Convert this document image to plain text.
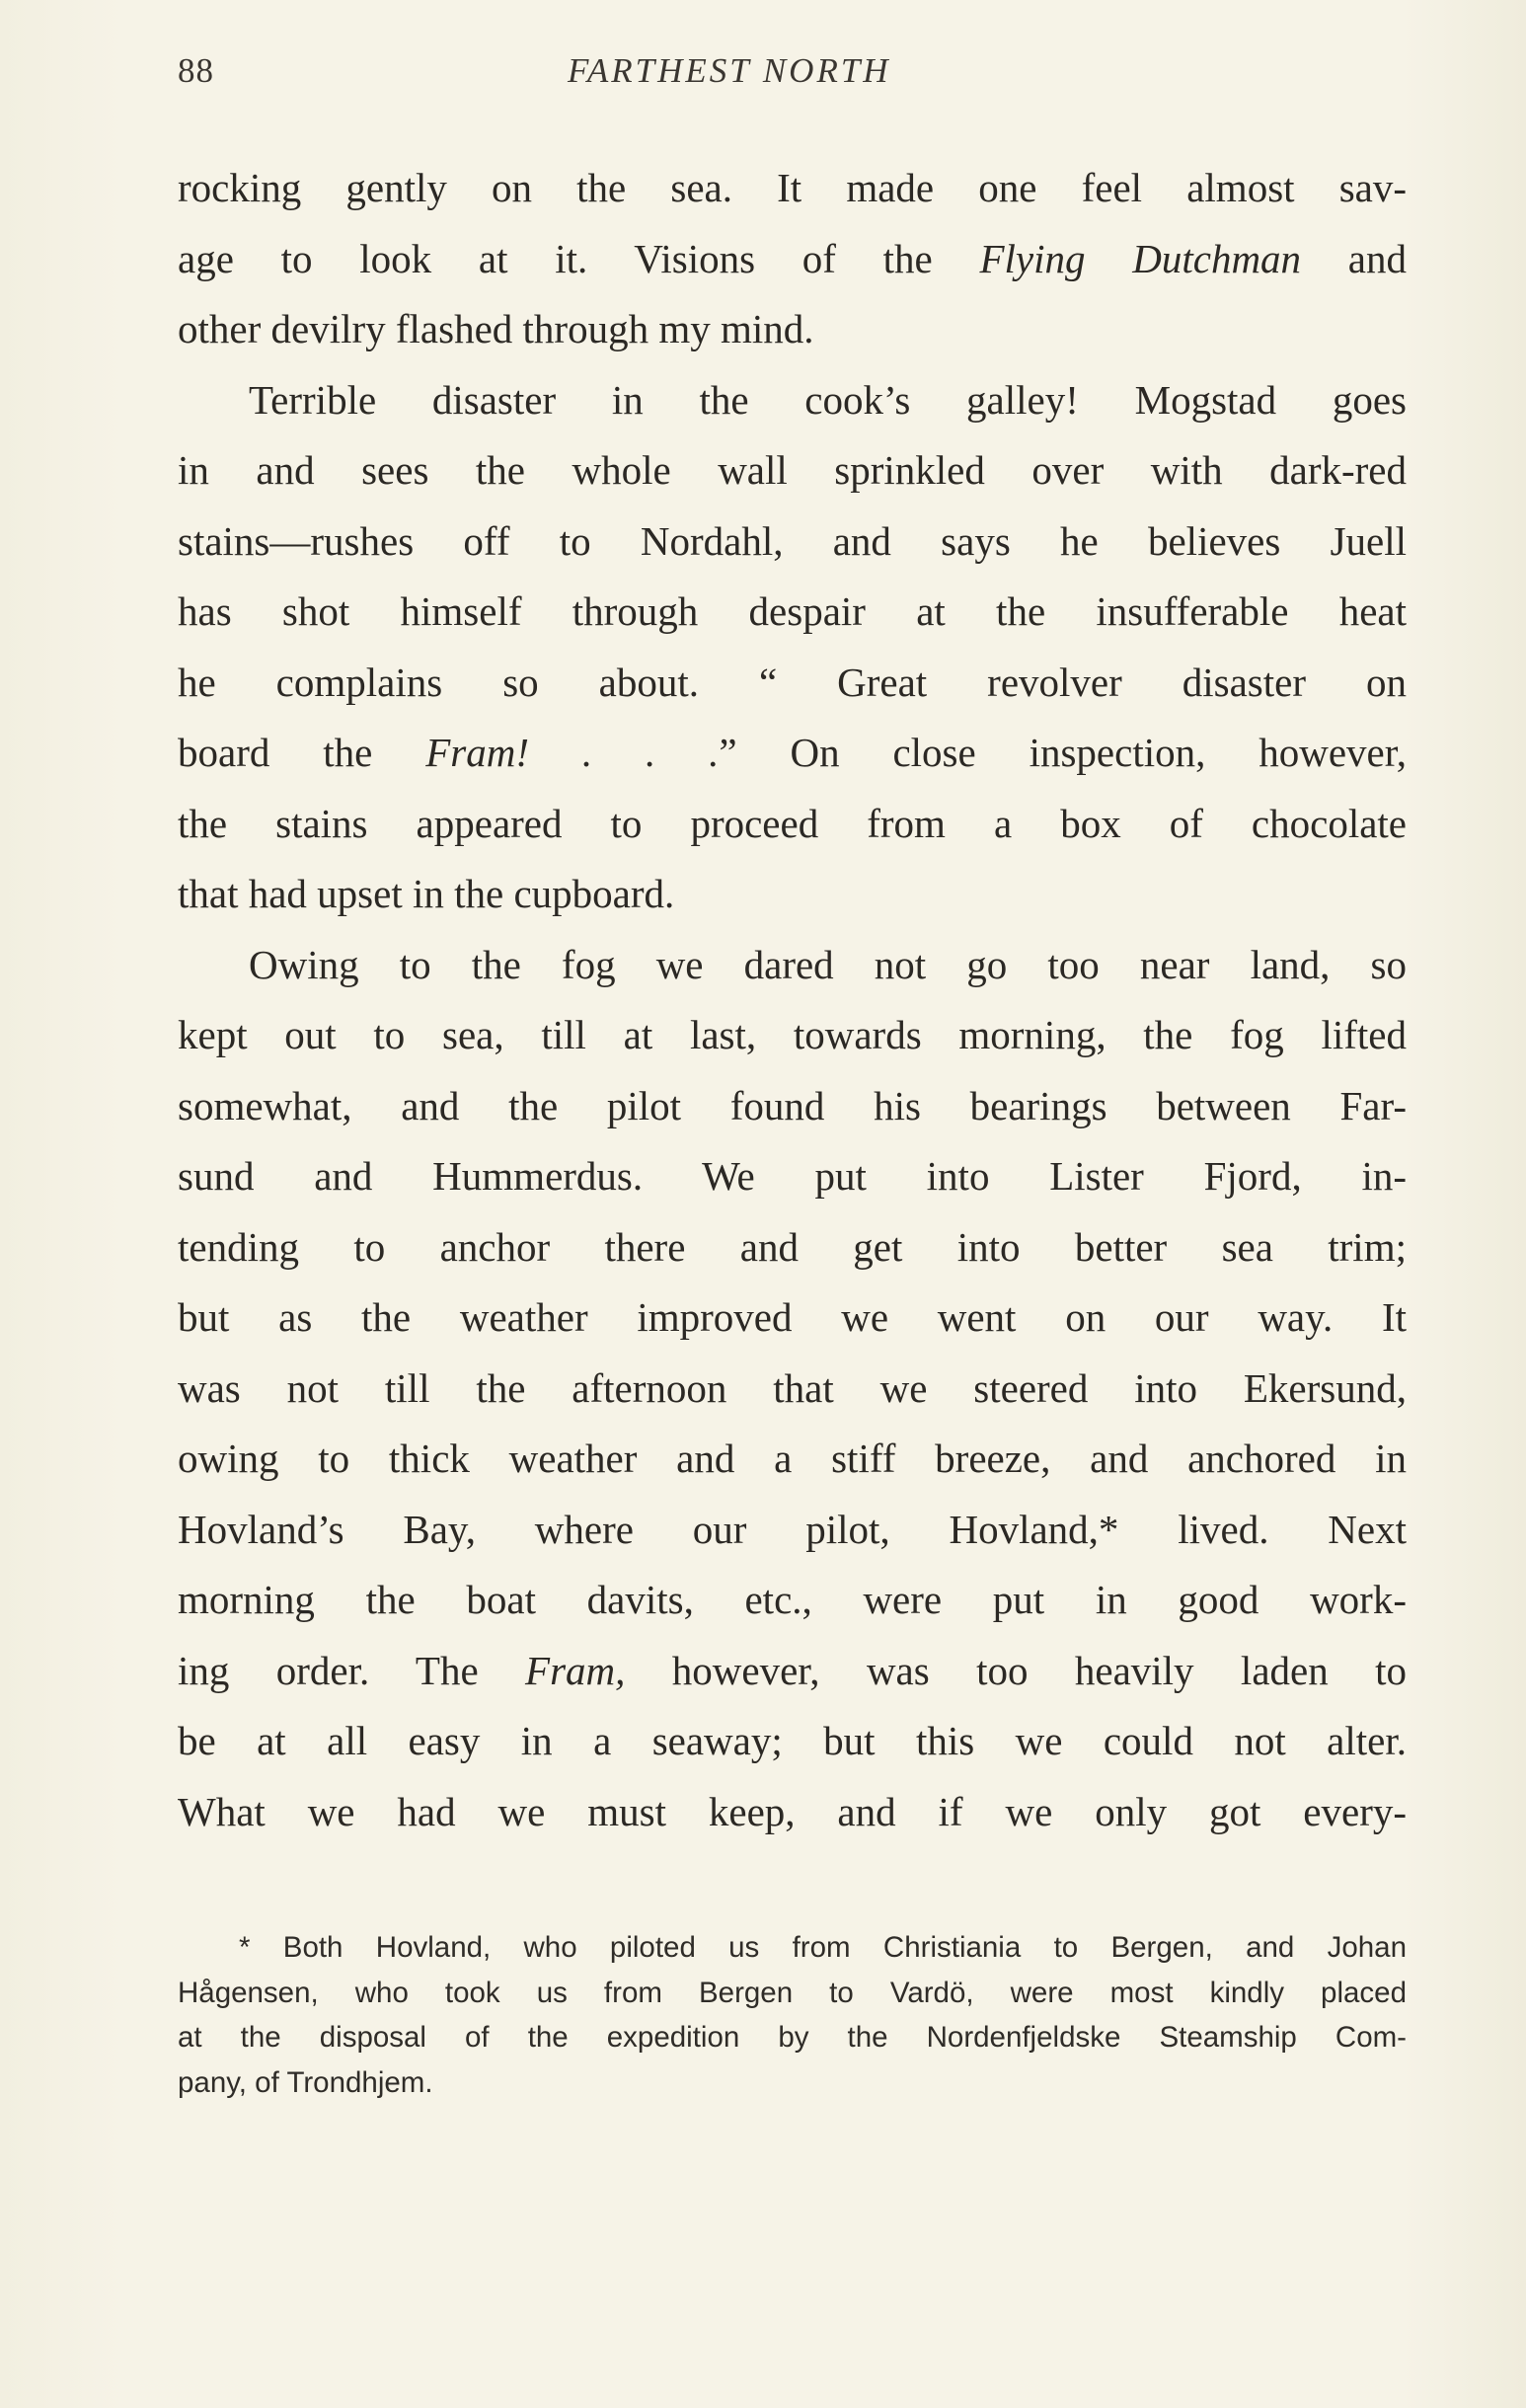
88	FARTHEST NORTH
rocking gently on the sea. It made one feel almost sav-
age to look at it. Visions of the Flying Dutchman and
other devilry flashed through my mind.
Terrible disaster in the cook’s galley! Mogstad goes
in and sees the whole wall sprinkled over with dark-red
stains—rushes off to Nordahl, and says he believes Juell
has shot himself through despair at the insufferable heat
he complains so about. “ Great revolver disaster on
board the Fram! . . .” On close inspection, however,
the stains appeared to proceed from a box of chocolate
that had upset in the cupboard.
Owing to the fog we dared not go too near land, so
kept out to sea, till at last, towards morning, the fog lifted
somewhat, and the pilot found his bearings between Far-
sund and Hummerdus. We put into Lister Fjord, in-
tending to anchor there and get into better sea trim;
but as the weather improved we went on our way. It
was not till the afternoon that we steered into Ekersund,
owing to thick weather and a stiff breeze, and anchored in
Hovland’s Bay, where our pilot, Hovland,* lived. Next
morning the boat davits, etc., were put in good work-
ing order. The Fram, however, was too heavily laden to
be at all easy in a seaway; but this we could not alter.
What we had we must keep, and if we only got every-
* Both Hovland, who piloted us from Christiania to Bergen, and Johan
Hågensen, who took us from Bergen to Vardö, were most kindly placed
at the disposal of the expedition by the Nordenfjeldske Steamship Com-
pany, of Trondhjem.
